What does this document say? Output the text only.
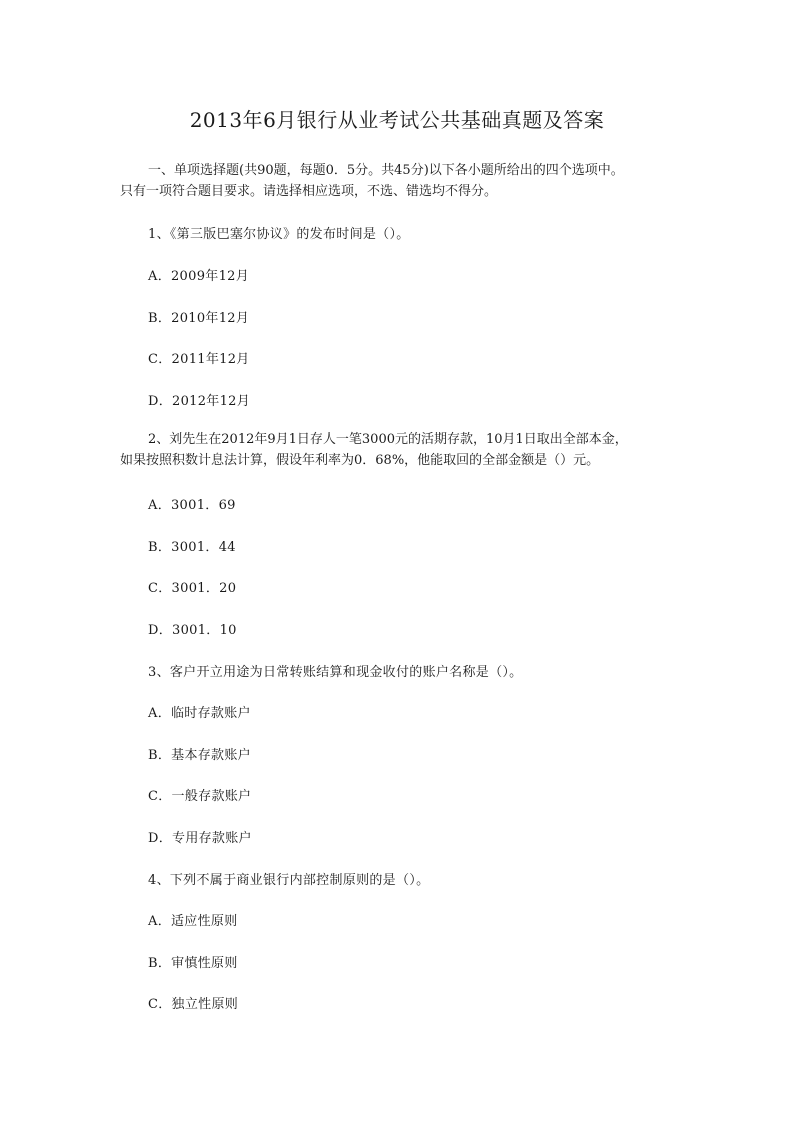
2013年6月银行从业考试公共基础真题及答案
一、单项选择题(共90题，每题0．5分。共45分)以下各小题所给出的四个选项中。
只有一项符合题目要求。请选择相应选项，不选、错选均不得分。
1、《第三版巴塞尔协议》的发布时间是（）。
A．2009年12月
B．2010年12月
C．2011年12月
D．2012年12月
2、刘先生在2012年9月1日存人一笔3000元的活期存款，10月1日取出全部本金，
如果按照积数计息法计算，假设年利率为0．68%，他能取回的全部金额是（）元。
A．3001．69
B．3001．44
C．3001．20
D．3001．10
3、客户开立用途为日常转账结算和现金收付的账户名称是（）。
A．临时存款账户
B．基本存款账户
C．一般存款账户
D．专用存款账户
4、下列不属于商业银行内部控制原则的是（）。
A．适应性原则
B．审慎性原则
C．独立性原则
